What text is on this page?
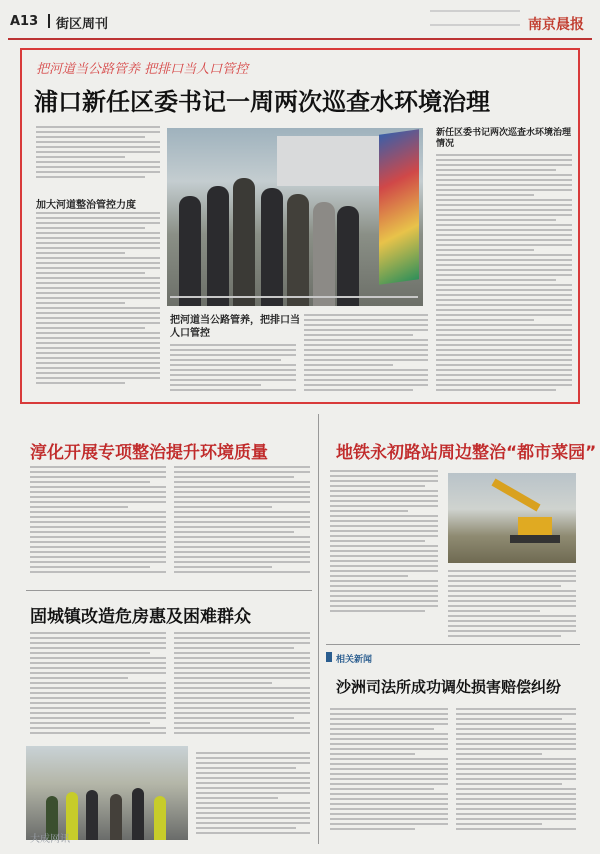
A13 街区周刊	南京晨报
把河道当公路管养 把排口当人口管控
浦口新任区委书记一周两次巡查水环境治理
加大河道整治管控力度
把河道当公路管养，把排口当人口管控
新任区委书记两次巡查水环境治理情况
淳化开展专项整治提升环境质量
固城镇改造危房惠及困难群众
地铁永初路站周边整治“都市菜园”
相关新闻
沙洲司法所成功调处损害赔偿纠纷
大成网讯
